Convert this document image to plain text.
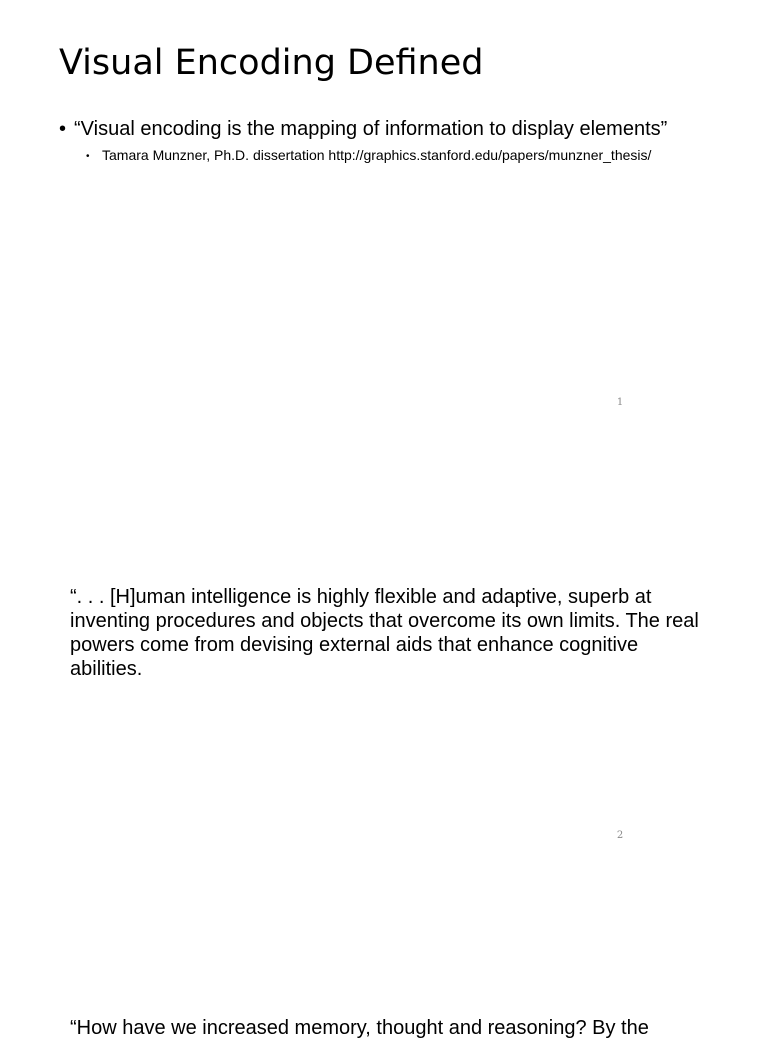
Visual Encoding Defined
• “Visual encoding is the mapping of information to display elements”
• Tamara Munzner, Ph.D. dissertation http://graphics.stanford.edu/papers/munzner_thesis/
1

“. . . [H]uman intelligence is highly flexible and adaptive, superb at inventing procedures and objects that overcome its own limits. The real powers come from devising external aids that enhance cognitive abilities.

2

“How have we increased memory, thought and reasoning? By the
